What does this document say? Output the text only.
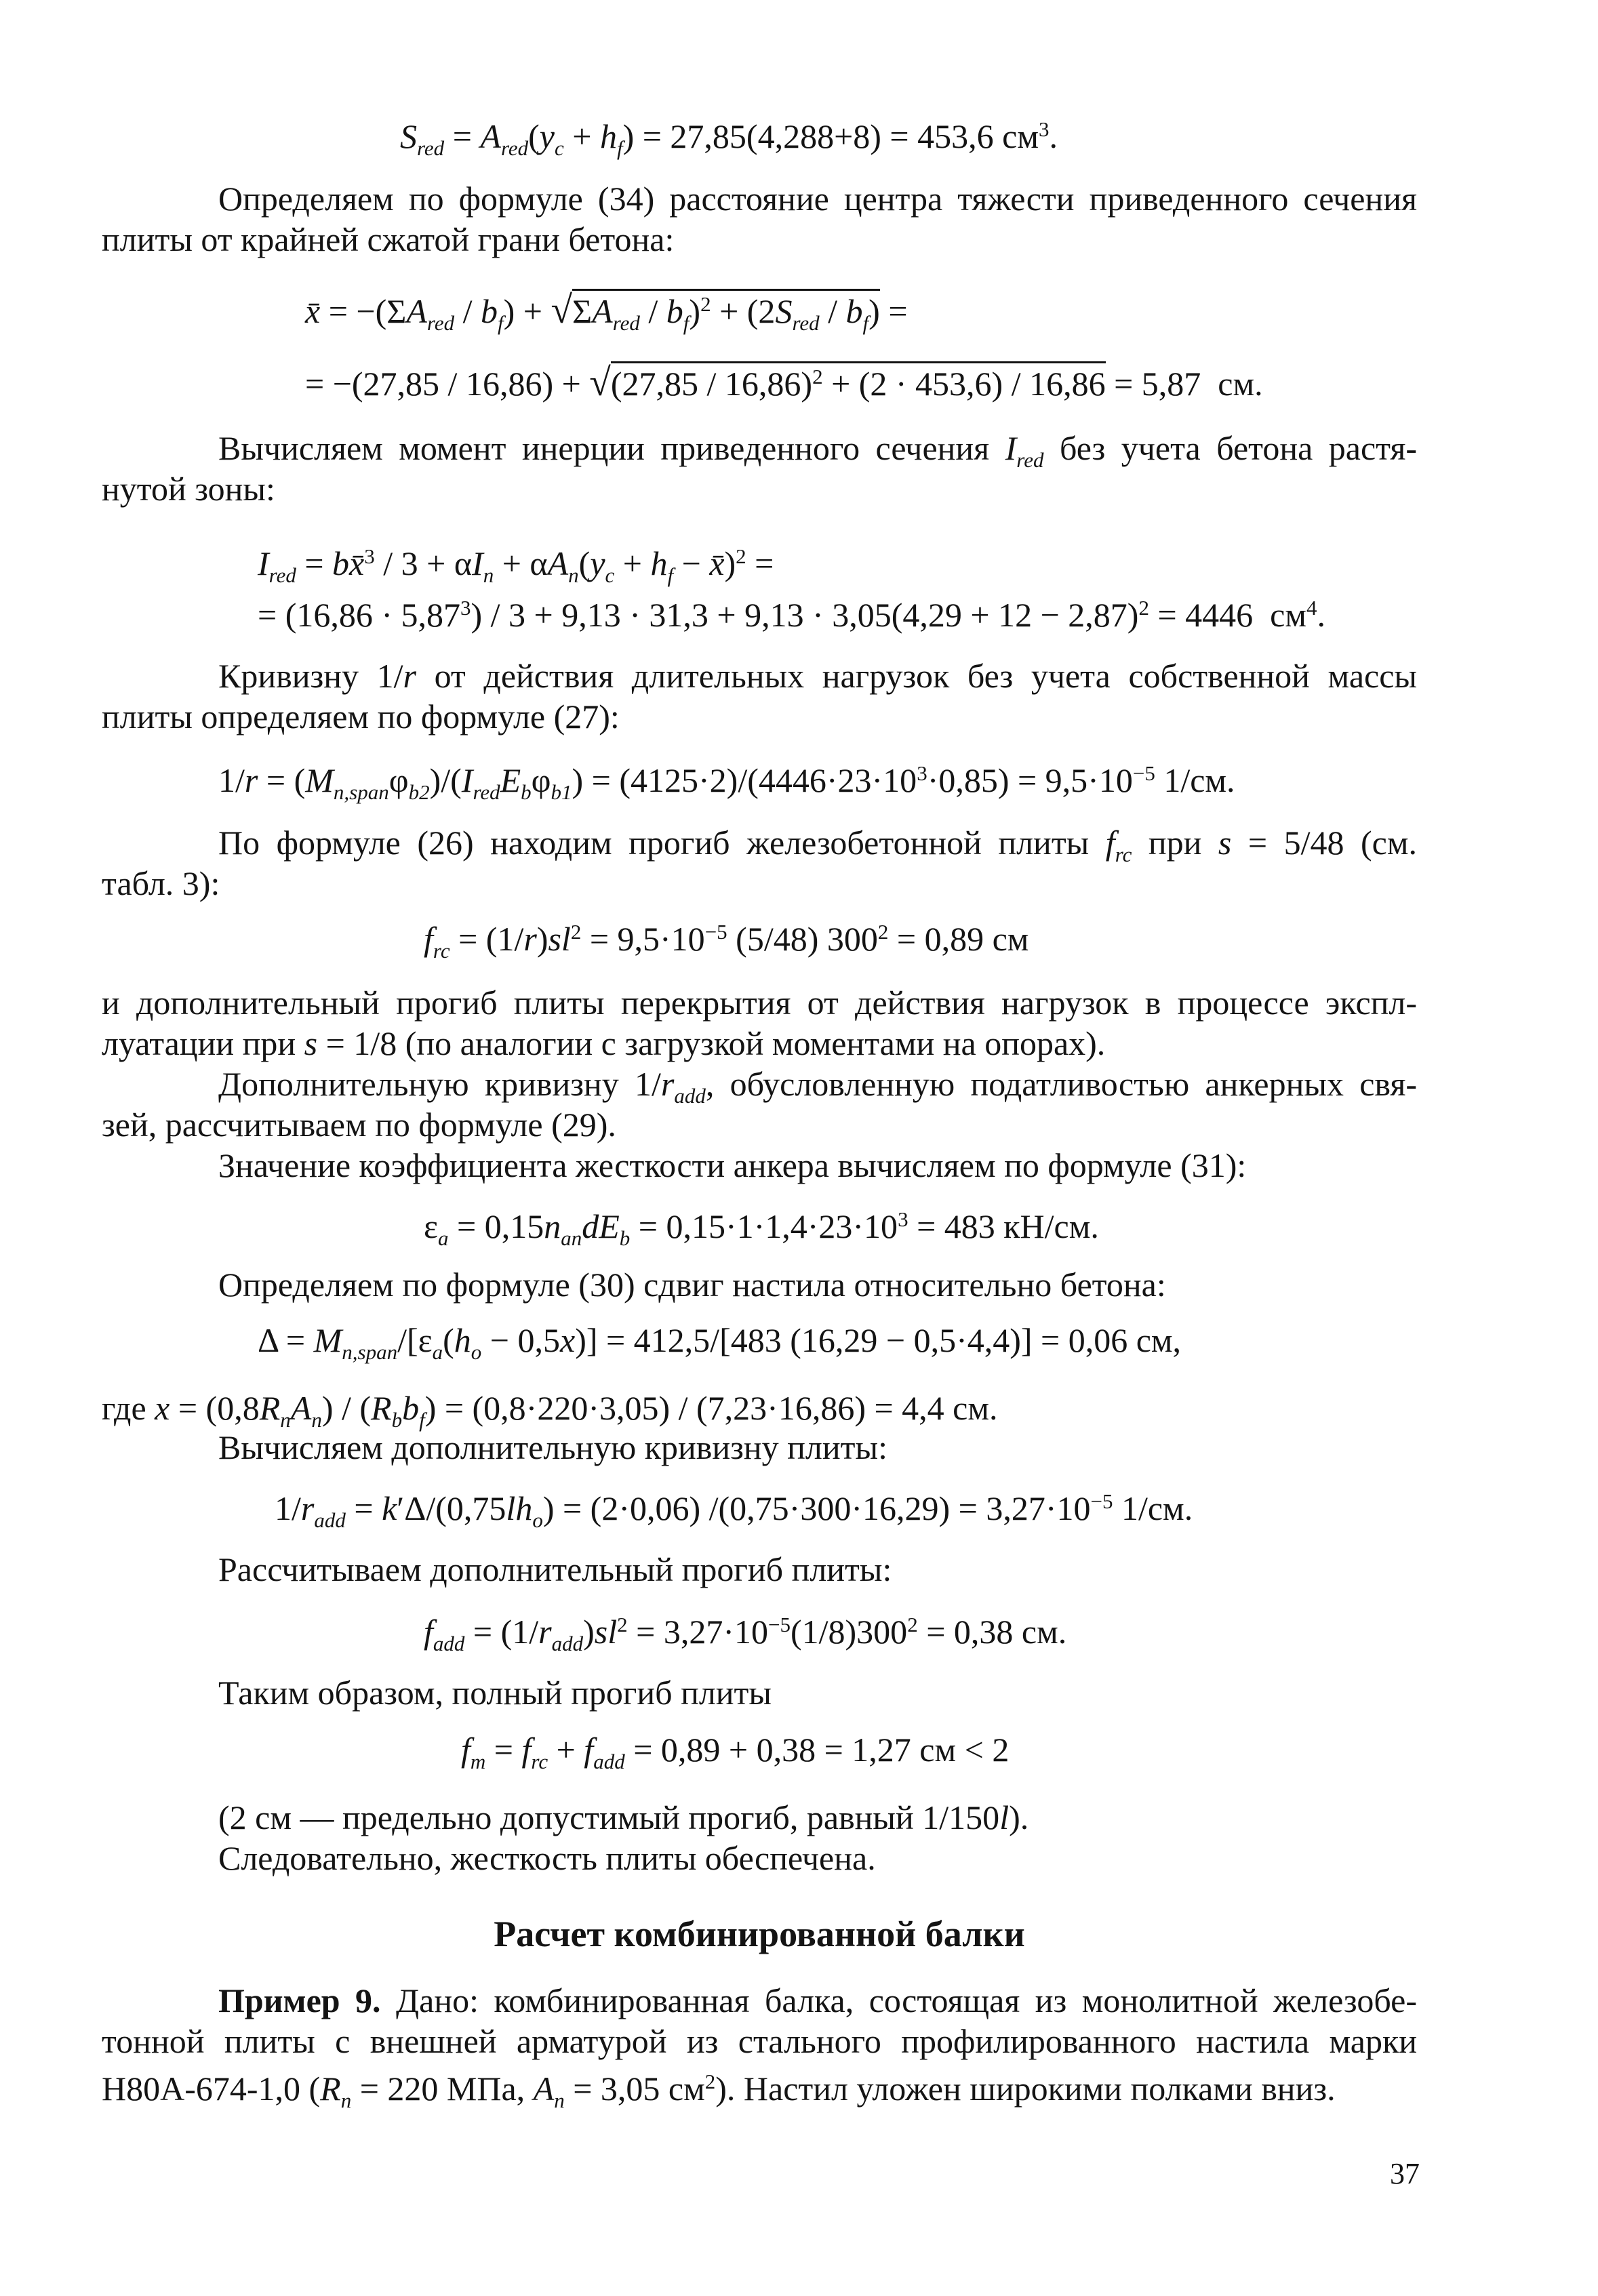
$S_{red} = A_{red}(y_c + h_f) = 27,85(4,288+8) = 453,6$ $см^3$.
Определяем по формуле (34) расстояние центра тяжести приведенного сечения
плиты от крайней сжатой грани бетона:
x̄ = $-(\Sigma A_{red} / b_f) + √\Sigma A_{red} / b_f)^2 + (2S_{red} / b_f)$ =
= −(27,85 / 16,86) + √(27,85 / 16,86)$^2$ + (2 · 453,6) / 16,86 = 5,87  см.
Вычисляем момент инерции приведенного сечения $I_{red}$ без учета бетона растя-
нутой зоны:
$I_{red}$ = bx̄$^3$ / $3 + \alpha I_n + \alpha A_n(y_c + h_f$ − x̄)$^2$ =
= $(16,86 \cdot 5,87^3) / 3 + 9,13 \cdot 31,3 + 9,13 \cdot 3,05(4,29 + 12 - 2,87)^2 = 4446$  $см^4$.
Кривизну 1/r от действия длительных нагрузок без учета собственной массы
плиты определяем по формуле (27):
$1/r = (M_{n,span}\varphi_{b2})/(I_{red}E_b\varphi_{b1}) = (4125\cdot 2)/(4446\cdot 23\cdot 10^3\cdot 0,85) = 9,5\cdot 10^{-5}$ 1/см.
По формуле (26) находим прогиб железобетонной плиты $f_{rc}$ при s = 5/48 (см.
табл. 3):
$f_{rc} = (1/r)sl^2 = 9,5\cdot 10^{-5}$ (5/48) $300^2 = 0,89$ см
и дополнительный прогиб плиты перекрытия от действия нагрузок в процессе экспл-
луатации при s = 1/8 (по аналогии с загрузкой моментами на опорах).
Дополнительную кривизну $1/r_{add}$, обусловленную податливостью анкерных свя-
зей, рассчитываем по формуле (29).
Значение коэффициента жесткости анкера вычисляем по формуле (31):
$\varepsilon_a = 0,15n_{an}dE_b = 0,15\cdot 1\cdot 1,4\cdot 23\cdot 10^3 = 483$ кН/см.
Определяем по формуле (30) сдвиг настила относительно бетона:
$\Delta = M_{n,span}/[\varepsilon_a(h_o - 0,5x)] = 412,5/[483$ (16,29 − 0,5·4,4)] = 0,06 см,
где $x = (0,8R_nA_n) / (R_bb_f) = (0,8\cdot 220\cdot 3,05) / (7,23\cdot 16,86) = 4,4$ см.
Вычисляем дополнительную кривизну плиты:
$1/r_{add} = k'\Delta/(0,75lh_o) = (2\cdot 0,06) /(0,75\cdot 300\cdot 16,29) = 3,27\cdot 10^{-5}$ 1/см.
Рассчитываем дополнительный прогиб плиты:
$f_{add} = (1/r_{add})sl^2 = 3,27\cdot 10^{-5}(1/8)300^2 = 0,38$ см.
Таким образом, полный прогиб плиты
$f_m = f_{rc} + f_{add} = 0,89 + 0,38 = 1,27$ см < 2
(2 см — предельно допустимый прогиб, равный 1/150l).
Следовательно, жесткость плиты обеспечена.
Расчет комбинированной балки
Пример 9. Дано: комбинированная балка, состоящая из монолитной железобе-
тонной плиты с внешней арматурой из стального профилированного настила марки
Н80А-674-1,0 ($R_n = 220$ МПа, $A_n = 3,05$ $см^2$). Настил уложен широкими полками вниз.
37
